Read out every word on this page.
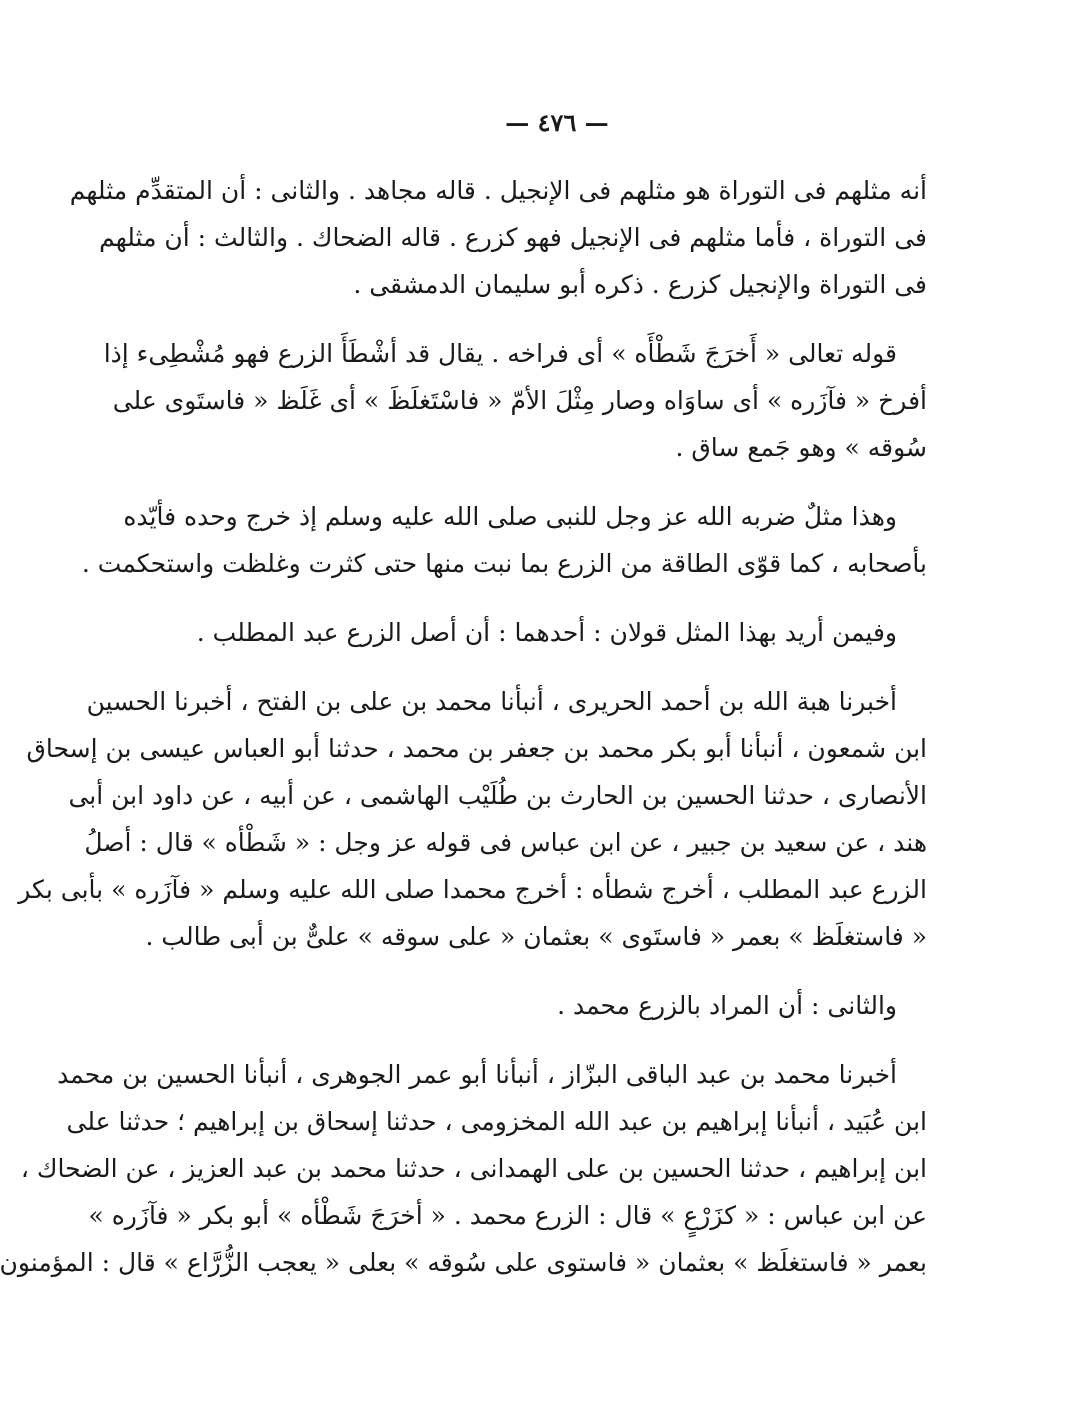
— ٤٧٦ —
أنه مثلهم فى التوراة هو مثلهم فى الإنجيل . قاله مجاهد . والثانى : أن المتقدِّم مثلهم
فى التوراة ، فأما مثلهم فى الإنجيل فهو كزرع . قاله الضحاك . والثالث : أن مثلهم
فى التوراة والإنجيل كزرع . ذكره أبو سليمان الدمشقى .
قوله تعالى « أَخرَجَ شَطْأَه » أى فراخه . يقال قد أشْطَأَ الزرع فهو مُشْطِىء إذا
أفرخ « فآزَره » أى ساوَاه وصار مِثْلَ الأمّ « فاسْتَغلَظَ » أى غَلَظ « فاستَوى على
سُوقه » وهو جَمع ساق .
وهذا مثلٌ ضربه الله عز وجل للنبى صلى الله عليه وسلم إذ خرج وحده فأيّده
بأصحابه ، كما قوّى الطاقة من الزرع بما نبت منها حتى كثرت وغلظت واستحكمت .
وفيمن أريد بهذا المثل قولان : أحدهما : أن أصل الزرع عبد المطلب .
أخبرنا هبة الله بن أحمد الحريرى ، أنبأنا محمد بن على بن الفتح ، أخبرنا الحسين
ابن شمعون ، أنبأنا أبو بكر محمد بن جعفر بن محمد ، حدثنا أبو العباس عيسى بن إسحاق
الأنصارى ، حدثنا الحسين بن الحارث بن طُلَيْب الهاشمى ، عن أبيه ، عن داود ابن أبى
هند ، عن سعيد بن جبير ، عن ابن عباس فى قوله عز وجل : « شَطْأه » قال : أصلُ
الزرع عبد المطلب ، أخرج شطأه : أخرج محمدا صلى الله عليه وسلم « فآزَره » بأبى بكر
« فاستغلَظ » بعمر « فاستَوى » بعثمان « على سوقه » علىٌّ بن أبى طالب .
والثانى : أن المراد بالزرع محمد .
أخبرنا محمد بن عبد الباقى البزّاز ، أنبأنا أبو عمر الجوهرى ، أنبأنا الحسين بن محمد
ابن عُبَيد ، أنبأنا إبراهيم بن عبد الله المخزومى ، حدثنا إسحاق بن إبراهيم ؛ حدثنا على
ابن إبراهيم ، حدثنا الحسين بن على الهمدانى ، حدثنا محمد بن عبد العزيز ، عن الضحاك ،
عن ابن عباس : « كزَرْعٍ » قال : الزرع محمد . « أخرَجَ شَطْأه » أبو بكر « فآزَره »
بعمر « فاستغلَظ » بعثمان « فاستوى على سُوقه » بعلى « يعجب الزُّرَّاع » قال : المؤمنون
